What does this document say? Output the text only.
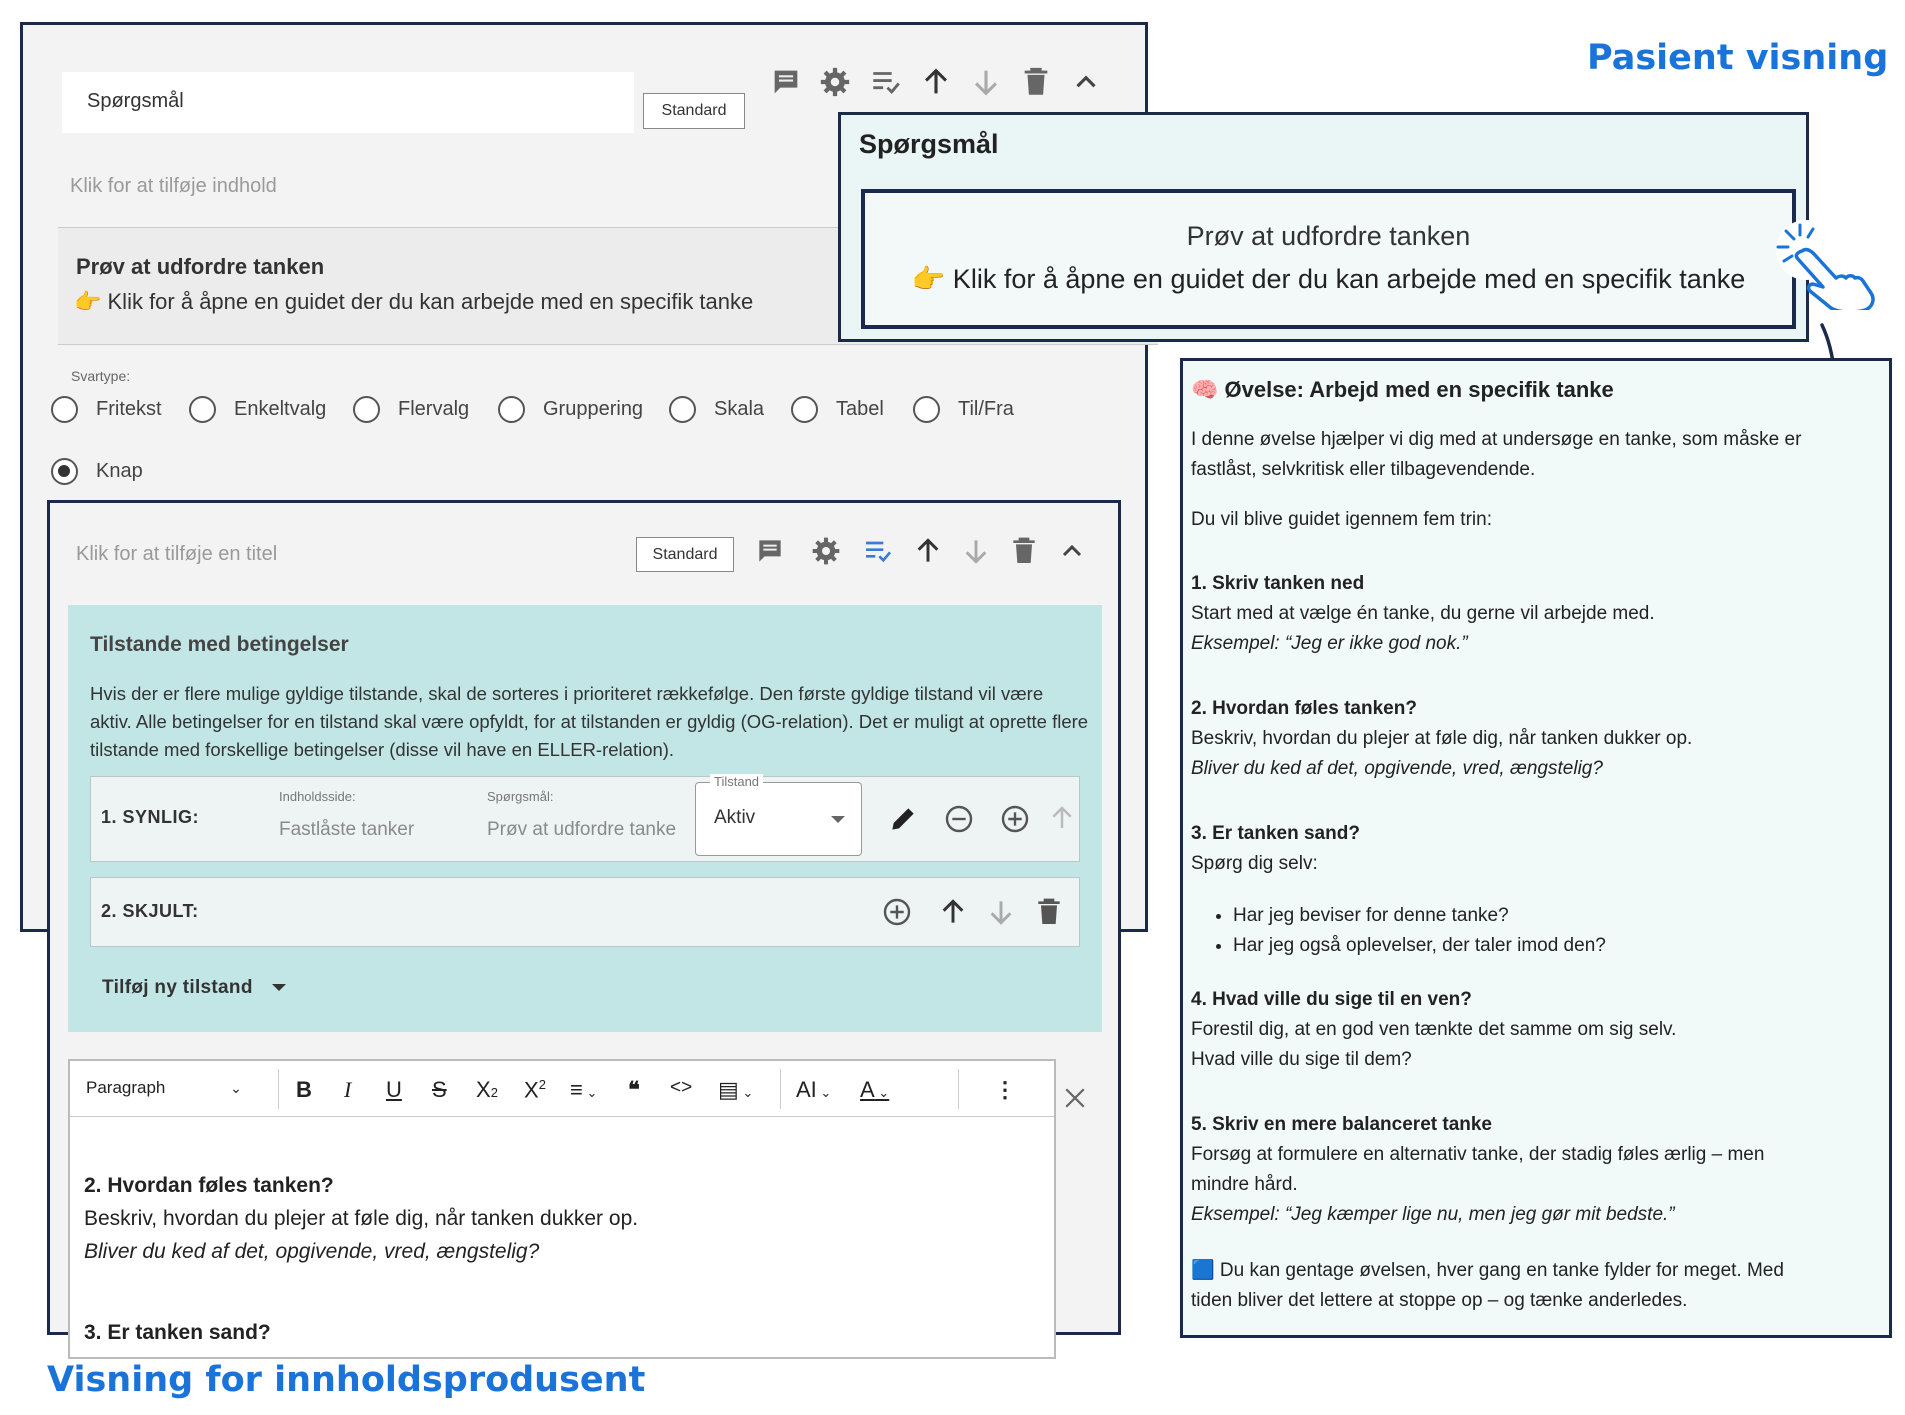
Pasient visning
Visning for innholdsprodusent
Spørgsmål	Standard
Klik for at tilføje indhold
Prøv at udfordre tanken
👉 Klik for å åpne en guidet der du kan arbejde med en specifik tanke
Svartype:
Fritekst	Enkeltvalg	Flervalg	Gruppering	Skala	Tabel	Til/Fra
Knap
Klik for at tilføje en titel	Standard
Tilstande med betingelser
Hvis der er flere mulige gyldige tilstande, skal de sorteres i prioriteret rækkefølge. Den første gyldige tilstand vil være aktiv. Alle betingelser for en tilstand skal være opfyldt, for at tilstanden er gyldig (OG-relation). Det er muligt at oprette flere tilstande med forskellige betingelser (disse vil have en ELLER-relation).
1. SYNLIG:
Indholdsside:
Fastlåste tanker
Spørgsmål:
Prøv at udfordre tanke
Tilstand
Aktiv
2. SKJULT:
Tilføj ny tilstand
Paragraph	⌄ B I U S X2 $X^2$ ≡ ⌄ ❝ <> ▤ ⌄ AI ⌄ A ⌄	⋮
2. Hvordan føles tanken?
Beskriv, hvordan du plejer at føle dig, når tanken dukker op.
Bliver du ked af det, opgivende, vred, ængstelig?
3. Er tanken sand?
Spørgsmål
Prøv at udfordre tanken
👉 Klik for å åpne en guidet der du kan arbejde med en specifik tanke
🧠 Øvelse: Arbejd med en specifik tanke
I denne øvelse hjælper vi dig med at undersøge en tanke, som måske er
fastlåst, selvkritisk eller tilbagevendende.
Du vil blive guidet igennem fem trin:
1. Skriv tanken ned
Start med at vælge én tanke, du gerne vil arbejde med.
Eksempel: “Jeg er ikke god nok.”
2. Hvordan føles tanken?
Beskriv, hvordan du plejer at føle dig, når tanken dukker op.
Bliver du ked af det, opgivende, vred, ængstelig?
3. Er tanken sand?
Spørg dig selv:
• Har jeg beviser for denne tanke?
• Har jeg også oplevelser, der taler imod den?
4. Hvad ville du sige til en ven?
Forestil dig, at en god ven tænkte det samme om sig selv.
Hvad ville du sige til dem?
5. Skriv en mere balanceret tanke
Forsøg at formulere en alternativ tanke, der stadig føles ærlig – men
mindre hård.
Eksempel: “Jeg kæmper lige nu, men jeg gør mit bedste.”
🟦 Du kan gentage øvelsen, hver gang en tanke fylder for meget. Med
tiden bliver det lettere at stoppe op – og tænke anderledes.
